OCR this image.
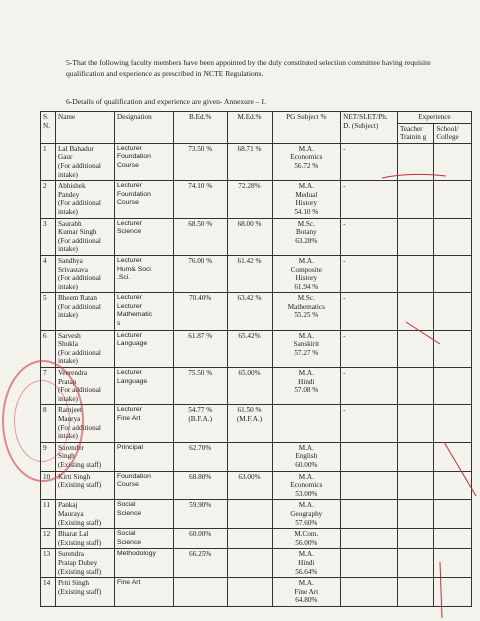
5-That the following faculty members have been appointed by the duly constituted selection committee having requisite qualification and experience as prescribed in NCTE Regulations.
6-Details of qualification and experience are given- Annexure – I.
S. N.	Name	Designation	B.Ed.%	M.Ed.%	PG Subject %	NET/SLET/Ph. D. (Subject)	Experience	
							Teacher Trainin g	School/ College
1	Lal Bahadur
Gaur
(For additional
intake)	Lecturer
Foundation
Course	73.50 %	68.71 %	M.A.
Economics
56.72 %	-		
2	Abhishek
Pandey
(For additional
intake)	Lecturer
Foundation
Course	74.10 %	72.28%	M.A.
Medual
History
54.10 %	-		
3	Saurabh
Kumar Singh
(For additional
intake)	Lecturer
Science	68.50 %	68.00 %	M.Sc.
Botany
63.28%	-		
4	Sandhya
Srivastava
(For additional
intake)	Lecturer
Hum& Soci
.Sci.	76.00 %	61.42 %	M.A.
Composite
History
61.94 %	-		
5	Bheem Ratan
(For additional
intake)	Lecturer
Lecturer
Mathematic
s	70.40%	63.42 %	M.Sc.
Mathematics
55.25 %	-		
6	Sarvesh
Shukla
(For additional
intake)	Lecturer
Language	61.87 %	65.42%	M.A.
Sanskirit
57.27 %	-		
7	Veerendra
Pratap
(For additional
intake)	Lecturer
Language	75.50 %	65.00%	M.A.
Hindi
57.08 %	-		
8	Ramjeet
Maurya
(For additional
intake)	Lecturer
Fine Art	54.77 %
(B.F.A.)	61.50 %
(M.F.A.)		-		
9	Surender
Singh
(Existing staff)	Principal	62.70%		M.A.
English
60.00%			

10	Kirti Singh
(Existing staff)	Foundation
Course	68.80%	63.00%	M.A.
Economics
53.00%			

11	Pankaj
Mauraya
(Existing staff)	Social
Science	59.90%		M.A.
Geography
57.60%			

12	Bharat Lal
(Existing staff)	Social
Science	60.00%		M.Com.
56.00%			

13	Surendra
Pratap Dubey
(Existing staff)	Methodology	66.25%		M.A.
Hindi
56.64%			

14	Priti Singh
(Existing staff)	Fine Art			M.A.
Fine Art
64.80%			
